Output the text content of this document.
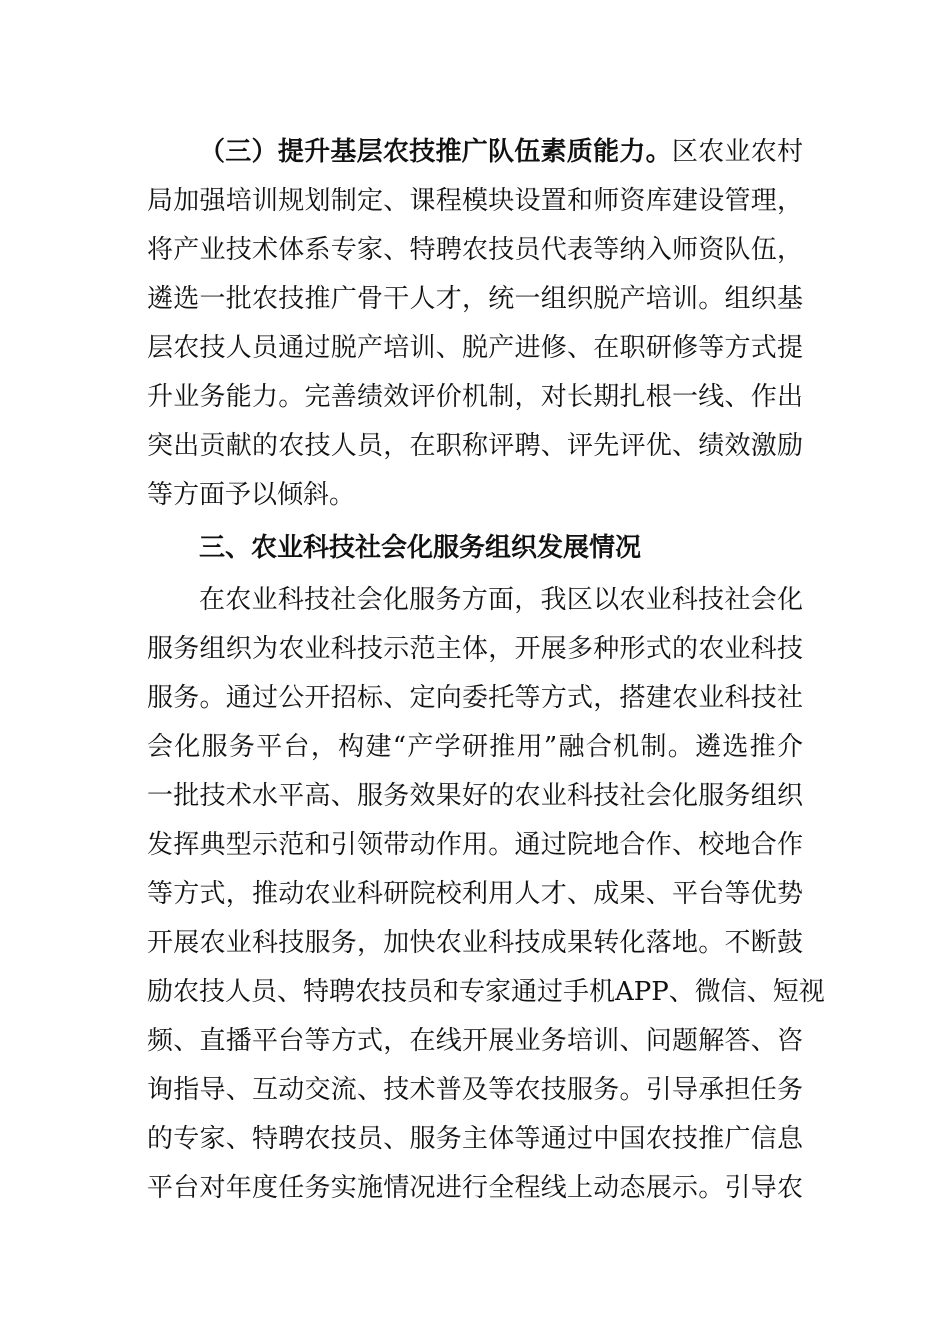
（三）提升基层农技推广队伍素质能力。区农业农村
局加强培训规划制定、课程模块设置和师资库建设管理，
将产业技术体系专家、特聘农技员代表等纳入师资队伍，
遴选一批农技推广骨干人才，统一组织脱产培训。组织基
层农技人员通过脱产培训、脱产进修、在职研修等方式提
升业务能力。完善绩效评价机制，对长期扎根一线、作出
突出贡献的农技人员，在职称评聘、评先评优、绩效激励
等方面予以倾斜。
三、农业科技社会化服务组织发展情况
在农业科技社会化服务方面，我区以农业科技社会化
服务组织为农业科技示范主体，开展多种形式的农业科技
服务。通过公开招标、定向委托等方式，搭建农业科技社
会化服务平台，构建“产学研推用”融合机制。遴选推介
一批技术水平高、服务效果好的农业科技社会化服务组织
发挥典型示范和引领带动作用。通过院地合作、校地合作
等方式，推动农业科研院校利用人才、成果、平台等优势
开展农业科技服务，加快农业科技成果转化落地。不断鼓
励农技人员、特聘农技员和专家通过手机APP、微信、短视
频、直播平台等方式，在线开展业务培训、问题解答、咨
询指导、互动交流、技术普及等农技服务。引导承担任务
的专家、特聘农技员、服务主体等通过中国农技推广信息
平台对年度任务实施情况进行全程线上动态展示。引导农
